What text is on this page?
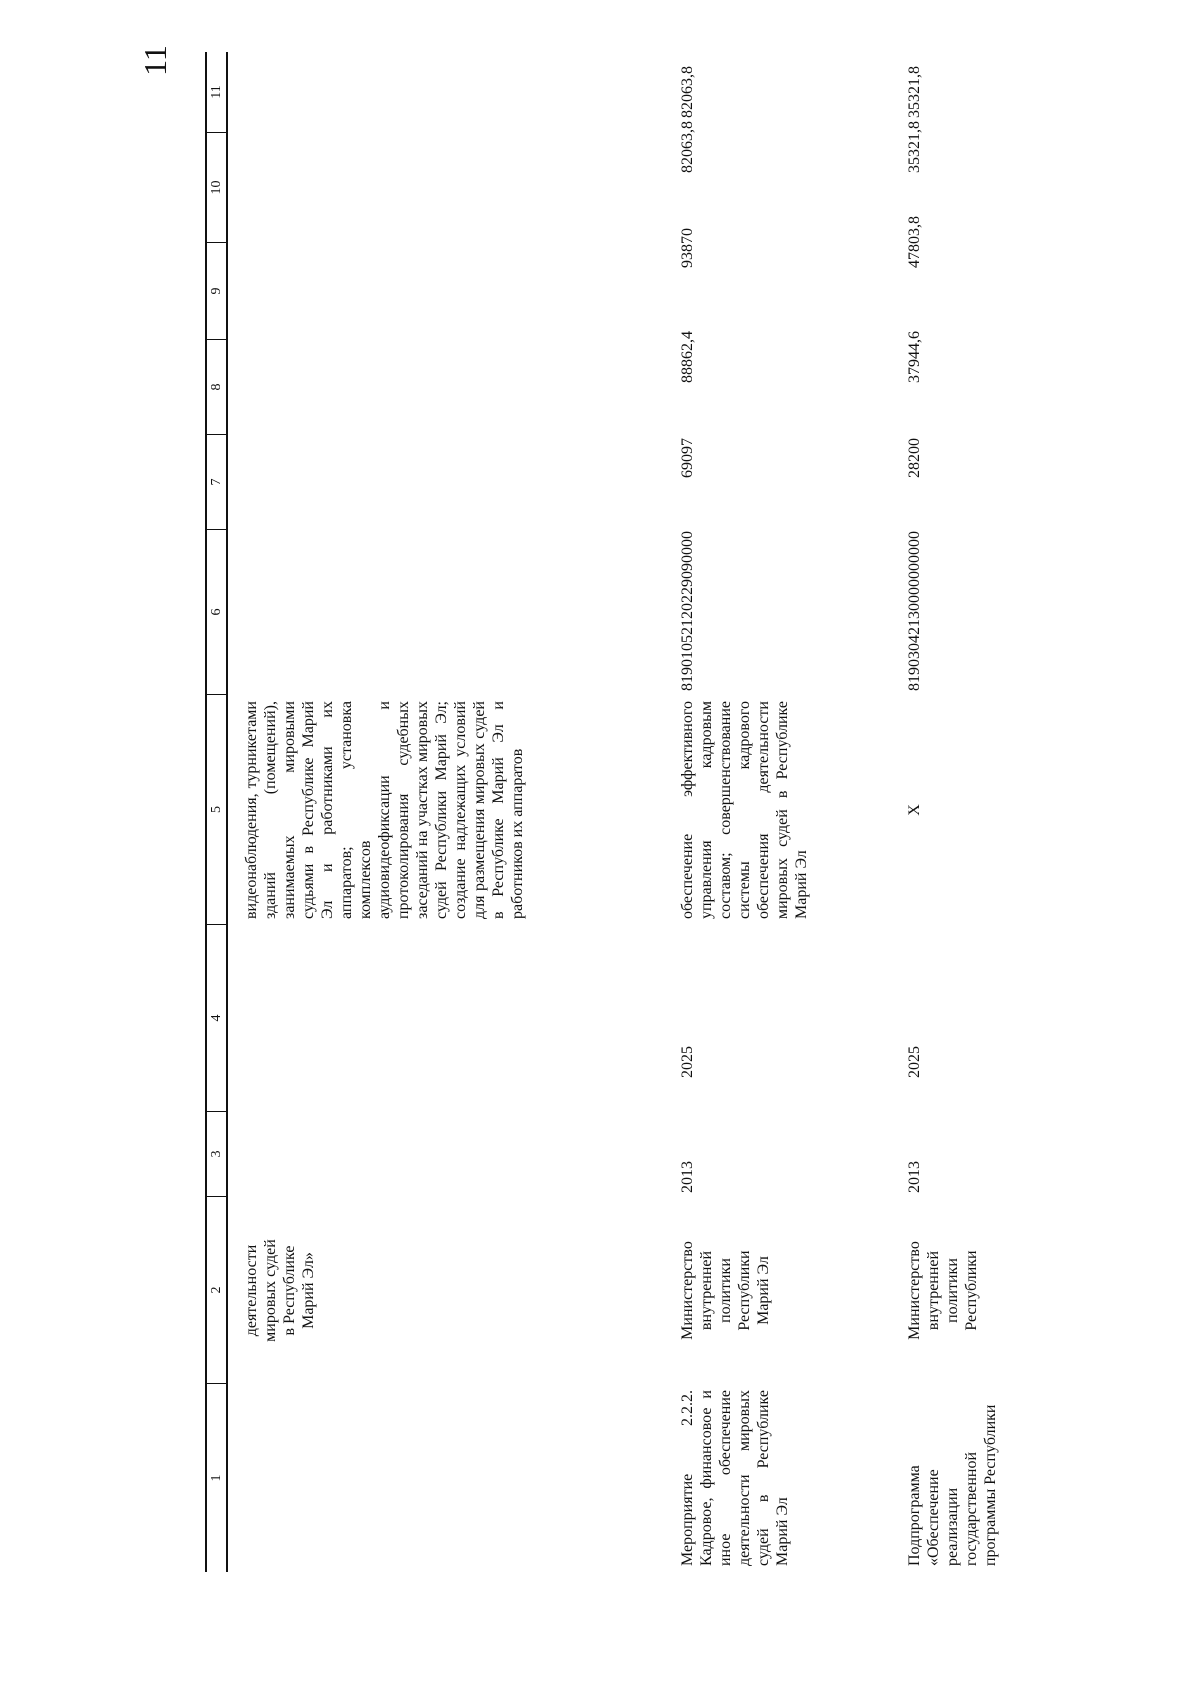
11
1
2
3
4
5
6
7
8
9
10
11
деятельности
мировых судей
в Республике
Марий Эл»
видеонаблюдения, турникетами зданий (помещений), занимаемых мировыми судьями в Республике Марий Эл и работниками их аппаратов; установка комплексов аудиовидеофиксации и протоколирования судебных заседаний на участках мировых судей Республики Марий Эл; создание надлежащих условий для размещения мировых судей в Республике Марий Эл и работников их аппаратов
Мероприятие 2.2.2. Кадровое, финансовое и иное обеспечение деятельности мировых судей в Республике Марий Эл
Министерство
внутренней
политики
Республики
Марий Эл
2013
2025
обеспечение эффективного управления кадровым составом; совершенствование системы кадрового обеспечения деятельности мировых судей в Республике Марий Эл
81901052120229090000
69097
88862,4
93870
82063,8
82063,8
Подпрограмма «Обеспечение реализации государственной программы Республики
Министерство
внутренней
политики
Республики
2013
2025
X
81903042130000000000
28200
37944,6
47803,8
35321,8
35321,8
